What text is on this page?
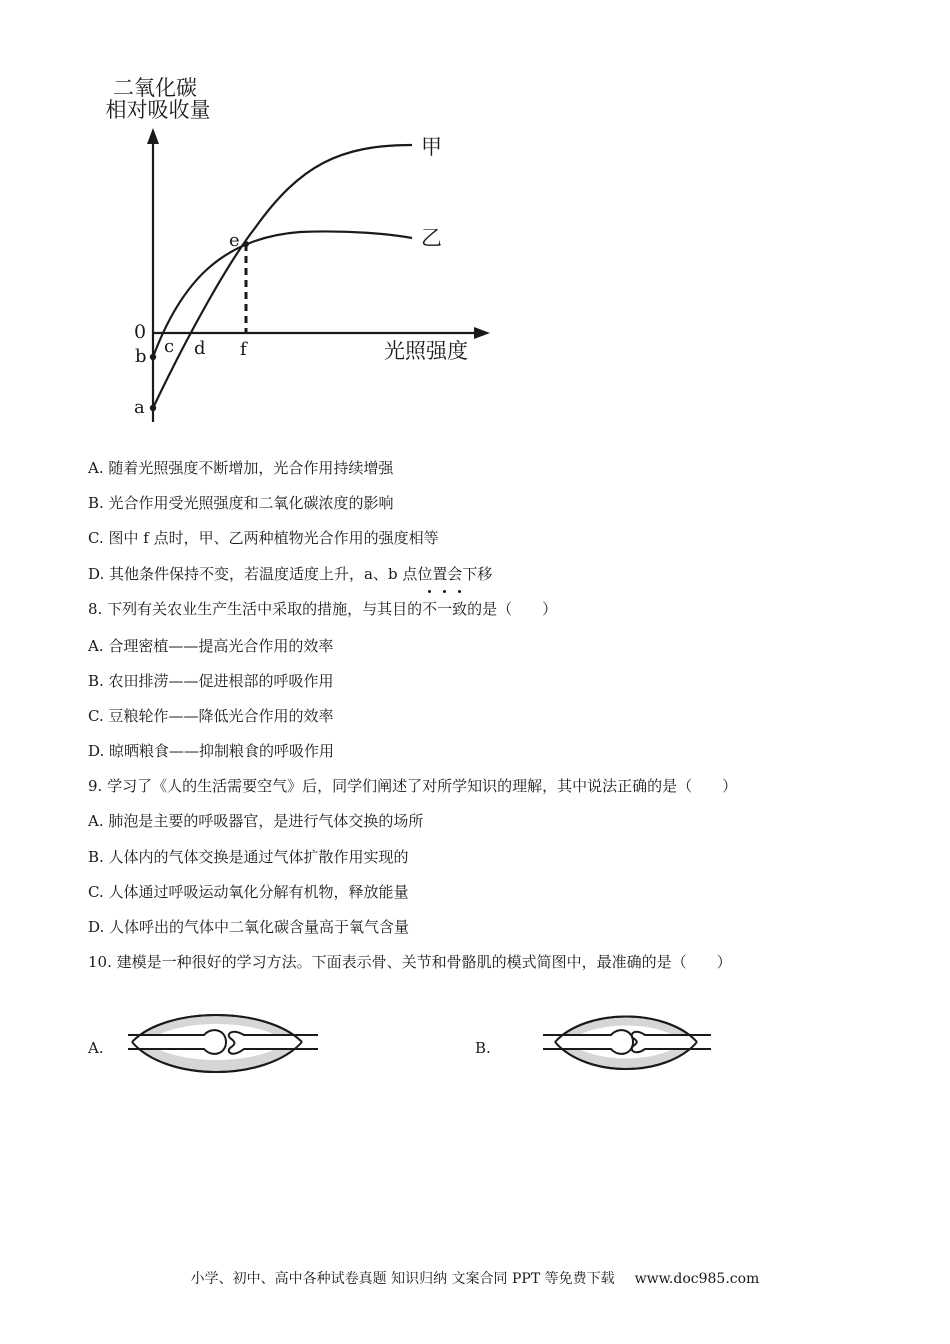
二氧化碳
相对吸收量
甲
乙
0
b
a
c d
e
f	光照强度
A. 随着光照强度不断增加，光合作用持续增强
B. 光合作用受光照强度和二氧化碳浓度的影响
C. 图中 f 点时，甲、乙两种植物光合作用的强度相等
D. 其他条件保持不变，若温度适度上升，a、b 点位置会下移
8. 下列有关农业生产生活中采取的措施，与其目的
不
一
致的是（　　）
A. 合理密植——提高光合作用的效率
B. 农田排涝——促进根部的呼吸作用
C. 豆粮轮作——降低光合作用的效率
D. 晾晒粮食——抑制粮食的呼吸作用
9. 学习了《人的生活需要空气》后，同学们阐述了对所学知识的理解，其中说法正确的是（　　）
A. 肺泡是主要的呼吸器官，是进行气体交换的场所
B. 人体内的气体交换是通过气体扩散作用实现的
C. 人体通过呼吸运动氧化分解有机物，释放能量
D. 人体呼出的气体中二氧化碳含量高于氧气含量
10. 建模是一种很好的学习方法。下面表示骨、关节和骨骼肌的模式简图中，最准确的是（　　）
A.	B.
小学、初中、高中各种试卷真题 知识归纳 文案合同 PPT 等免费下载 www.doc985.com
